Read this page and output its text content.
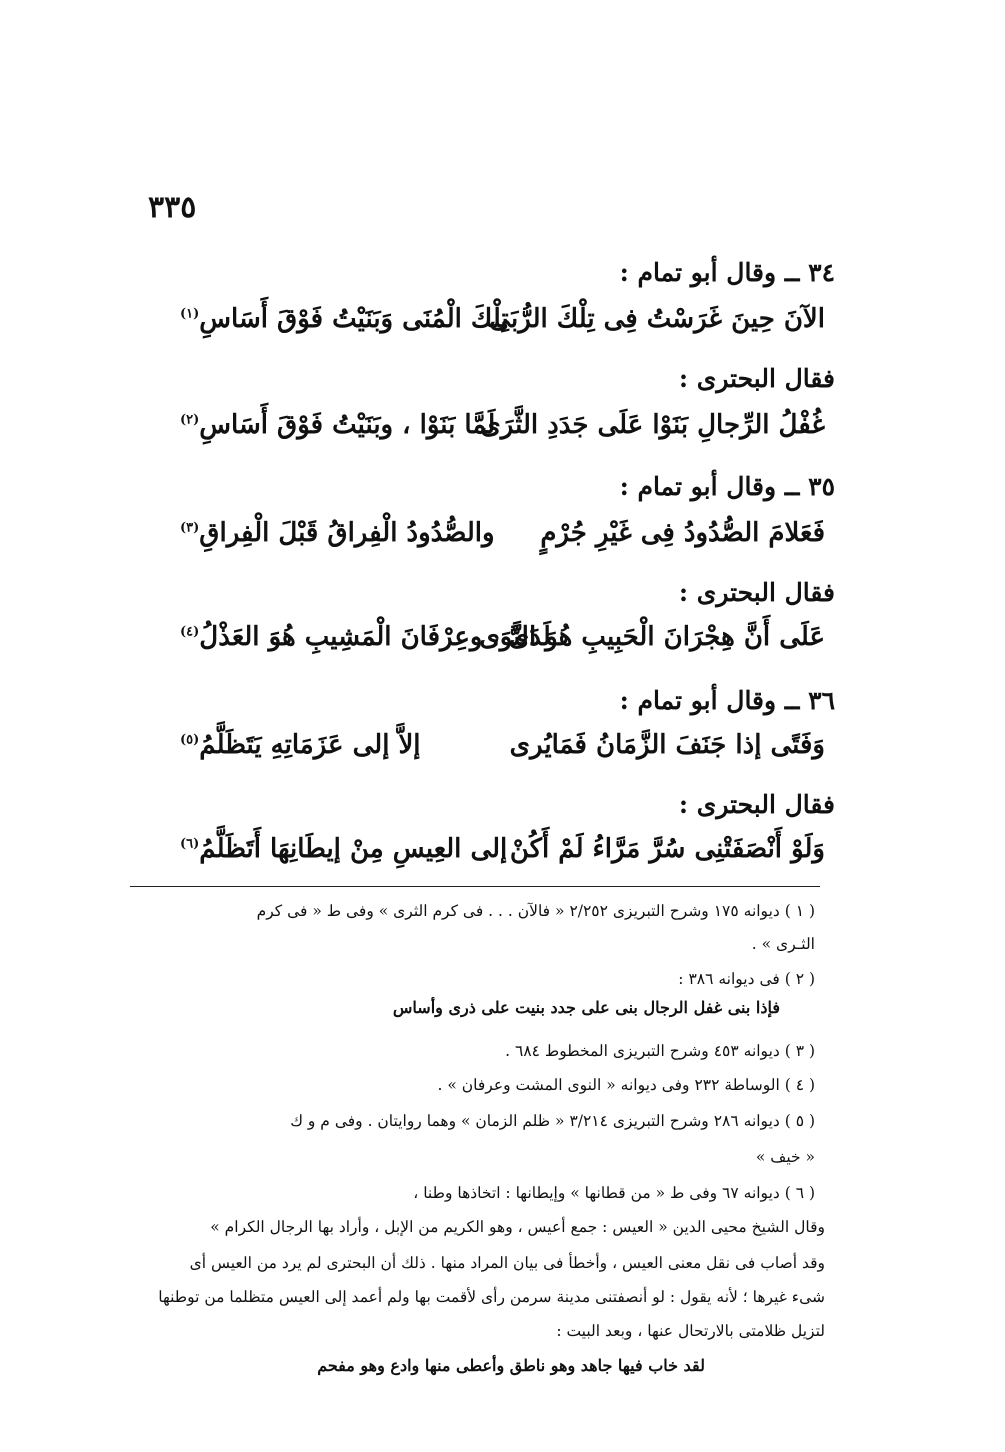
٣٣٥
٣٤ ــ وقال أبو تمام :
الآنَ حِينَ غَرَسْتُ فِى تِلْكَ الرُّبَى
تِلْكَ الْمُنَى وَبَنَيْتُ فَوْقَ أَسَاسِ$^{(١)}$
فقال البحترى :
غُفْلُ الرِّجالِ بَنَوْا عَلَى جَدَدِ الثَّرَى
لَمَّا بَنَوْا ، وبَنَيْتُ فَوْقَ أَسَاسِ$^{(٢)}$
٣٥ ــ وقال أبو تمام :
فَعَلامَ الصُّدُودُ فِى غَيْرِ جُرْمٍ
والصُّدُودُ الْفِراقُ قَبْلَ الْفِراقِ$^{(٣)}$
فقال البحترى :
عَلَى أَنَّ هِجْرَانَ الْحَبِيبِ هُوَ النَّوَى
لَدَىَّ ، وعِرْفَانَ الْمَشِيبِ هُوَ العَذْلُ$^{(٤)}$
٣٦ ــ وقال أبو تمام :
وَفَتًى إذا جَنَفَ الزَّمَانُ فَمَايُرى
إلاَّ إلى عَزَمَاتِهِ يَتَظَلَّمُ$^{(٥)}$
فقال البحترى :
وَلَوْ أَنْصَفَتْنِى سُرَّ مَرَّاءُ لَمْ أَكُنْ
إلى العِيسِ مِنْ إيطَانِهَا أَتَظَلَّمُ$^{(٦)}$
( ١ ) ديوانه ١٧٥ وشرح التبريزى ٢/٢٥٢ « فالآن . . . فى كرم الثرى » وفى ط « فى كرم
الثـرى » .
( ٢ ) فى ديوانه ٣٨٦ :
فإذا بنى غفل الرجال بنى على جدد بنيت على ذرى وأساس
( ٣ ) ديوانه ٤٥٣ وشرح التبريزى المخطوط ٦٨٤ .
( ٤ ) الوساطة ٢٣٢ وفى ديوانه « النوى المشت وعرفان » .
( ٥ ) ديوانه ٢٨٦ وشرح التبريزى ٣/٢١٤ « ظلم الزمان » وهما روايتان . وفى م و ك
« خيف »
( ٦ ) ديوانه ٦٧ وفى ط « من قطانها » وإيطانها : اتخاذها وطنا ،
وقال الشيخ محيى الدين « العيس : جمع أعيس ، وهو الكريم من الإبل ، وأراد بها الرجال الكرام »
وقد أصاب فى نقل معنى العيس ، وأخطأ فى بيان المراد منها . ذلك أن البحترى لم يرد من العيس أى
شىء غيرها ؛ لأنه يقول : لو أنصفتنى مدينة سرمن رأى لأقمت بها ولم أعمد إلى العيس متظلما من توطنها
لتزيل ظلامتى بالارتحال عنها ، وبعد البيت :
لقد خاب فيها جاهد وهو ناطق وأعطى منها وادع وهو مفحم
